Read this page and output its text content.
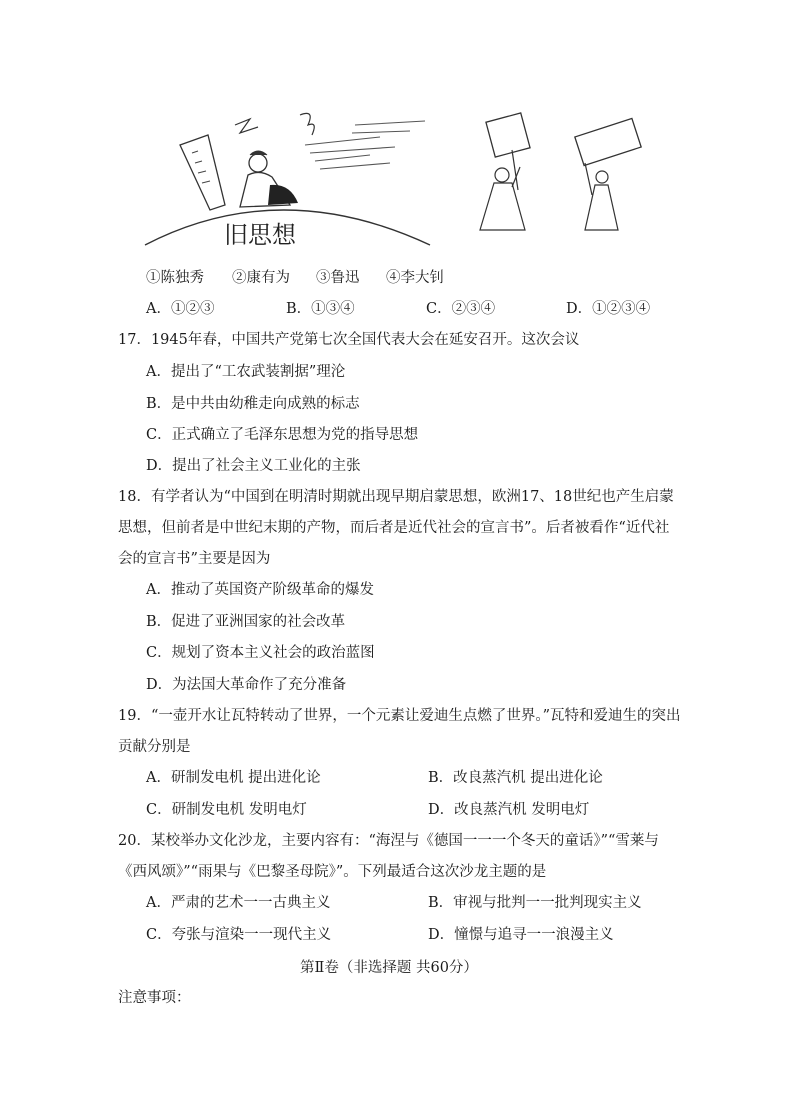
旧思想
①陈独秀 ②康有为 ③鲁迅 ④李大钊
A．①②③	B．①③④	C．②③④	D．①②③④
17．1945年春，中国共产党第七次全国代表大会在延安召开。这次会议
A．提出了“工农武装割据”理沦
B．是中共由幼稚走向成熟的标志
C．正式确立了毛泽东思想为党的指导思想
D．提出了社会主义工业化的主张
18．有学者认为“中国到在明清时期就出现早期启蒙思想，欧洲17、18世纪也产生启蒙
思想，但前者是中世纪末期的产物，而后者是近代社会的宣言书”。后者被看作“近代社
会的宣言书”主要是因为
A．推动了英国资产阶级革命的爆发
B．促进了亚洲国家的社会改革
C．规划了资本主义社会的政治蓝图
D．为法国大革命作了充分准备
19．“一壶开水让瓦特转动了世界，一个元素让爱迪生点燃了世界。”瓦特和爱迪生的突出
贡献分别是
A．研制发电机 提出进化论	B．改良蒸汽机 提出进化论
C．研制发电机 发明电灯	D．改良蒸汽机 发明电灯
20．某校举办文化沙龙，主要内容有：“海涅与《德国一一一个冬天的童话》”“雪莱与
《西风颂》”“雨果与《巴黎圣母院》”。下列最适合这次沙龙主题的是
A．严肃的艺术一一古典主义	B．审视与批判一一批判现实主义
C．夸张与渲染一一现代主义	D．憧憬与追寻一一浪漫主义
第Ⅱ卷（非选择题 共60分）
注意事项：
